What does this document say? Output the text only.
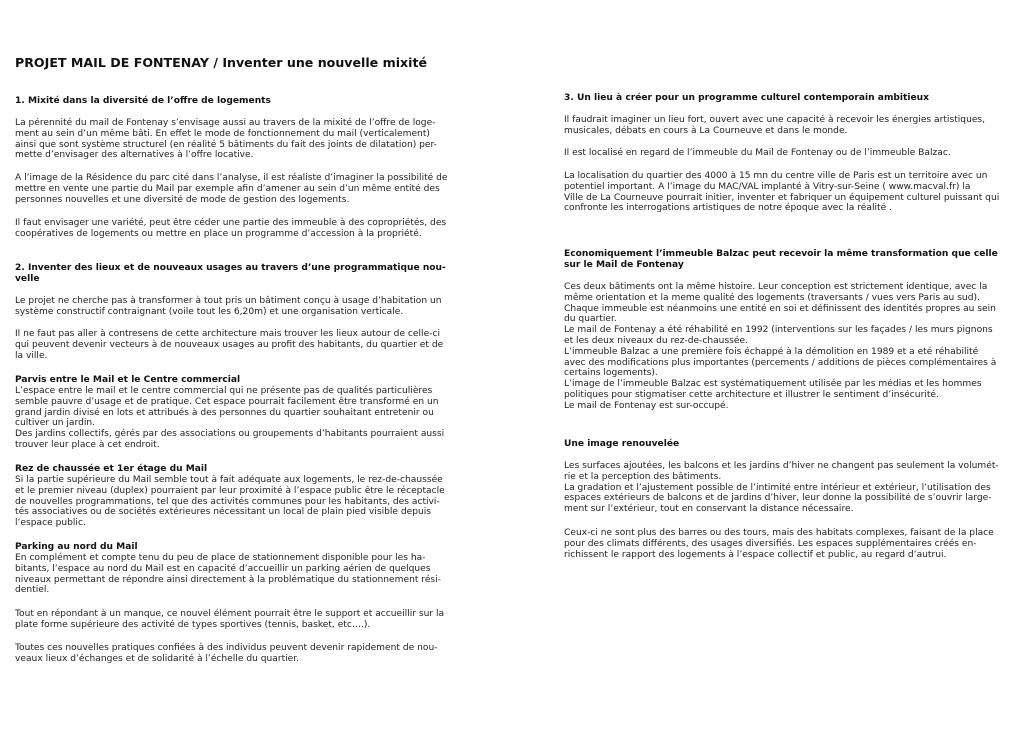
PROJET MAIL DE FONTENAY / Inventer une nouvelle mixité

1. Mixité dans la diversité de l’offre de logements

La pérennité du mail de Fontenay s’envisage aussi au travers de la mixité de l’offre de loge-
ment au sein d’un même bâti. En effet le mode de fonctionnement du mail (verticalement)
ainsi que sont système structurel (en réalité 5 bâtiments du fait des joints de dilatation) per-
mette d’envisager des alternatives à l’offre locative.

A l’image de la Résidence du parc cité dans l’analyse, il est réaliste d’imaginer la possibilité de
mettre en vente une partie du Mail par exemple afin d’amener au sein d’un même entité des
personnes nouvelles et une diversité de mode de gestion des logements.

Il faut envisager une variété, peut être céder une partie des immeuble à des copropriétés, des
coopératives de logements ou mettre en place un programme d’accession à la propriété.

2. Inventer des lieux et de nouveaux usages au travers d’une programmatique nou-
velle

Le projet ne cherche pas à transformer à tout pris un bâtiment conçu à usage d’habitation un
système constructif contraignant (voile tout les 6,20m) et une organisation verticale.

Il ne faut pas aller à contresens de cette architecture mais trouver les lieux autour de celle-ci
qui peuvent devenir vecteurs à de nouveaux usages au profit des habitants, du quartier et de
la ville.

Parvis entre le Mail et le Centre commercial

L’espace entre le mail et le centre commercial qui ne présente pas de qualités particulières
semble pauvre d’usage et de pratique. Cet espace pourrait facilement être transformé en un
grand jardin divisé en lots et attribués à des personnes du quartier souhaitant entretenir ou
cultiver un jardin.
Des jardins collectifs, gérés par des associations ou groupements d’habitants pourraient aussi
trouver leur place à cet endroit.

Rez de chaussée et 1er étage du Mail

Si la partie supérieure du Mail semble tout à fait adéquate aux logements, le rez-de-chaussée
et le premier niveau (duplex) pourraient par leur proximité à l’espace public être le réceptacle
de nouvelles programmations, tel que des activités communes pour les habitants, des activi-
tés associatives ou de sociétés extérieures nécessitant un local de plain pied visible depuis
l’espace public.

Parking au nord du Mail

En complément et compte tenu du peu de place de stationnement disponible pour les ha-
bitants, l’espace au nord du Mail est en capacité d’accueillir un parking aérien de quelques
niveaux permettant de répondre ainsi directement à la problématique du stationnement rési-
dentiel.

Tout en répondant à un manque, ce nouvel élément pourrait être le support et accueillir sur la
plate forme supérieure des activité de types sportives (tennis, basket, etc….).

Toutes ces nouvelles pratiques confiées à des individus peuvent devenir rapidement de nou-
veaux lieux d’échanges et de solidarité à l’échelle du quartier.

3. Un lieu à créer pour un programme culturel contemporain ambitieux

Il faudrait imaginer un lieu fort, ouvert avec une capacité à recevoir les énergies artistiques,
musicales, débats en cours à La Courneuve et dans le monde.

Il est localisé en regard de l’immeuble du Mail de Fontenay ou de l’immeuble Balzac.

La localisation du quartier des 4000 à 15 mn du centre ville de Paris est un territoire avec un
potentiel important. A l’image du MAC/VAL implanté à Vitry-sur-Seine ( www.macval.fr) la
Ville de La Courneuve pourrait initier, inventer et fabriquer un équipement culturel puissant qui
confronte les interrogations artistiques de notre époque avec la réalité .

Economiquement l’immeuble Balzac peut recevoir la même transformation que celle
sur le Mail de Fontenay

Ces deux bâtiments ont la même histoire. Leur conception est strictement identique, avec la
même orientation et la meme qualité des logements (traversants / vues vers Paris au sud).
Chaque immeuble est néanmoins une entité en soi et définissent des identités propres au sein
du quartier.
Le mail de Fontenay a été réhabilité en 1992 (interventions sur les façades / les murs pignons
et les deux niveaux du rez-de-chaussée.
L’immeuble Balzac a une première fois échappé à la démolition en 1989 et a eté réhabilité
avec des modifications plus importantes (percements / additions de pièces complémentaires à
certains logements).
L’image de l’immeuble Balzac est systématiquement utilisée par les médias et les hommes
politiques pour stigmatiser cette architecture et illustrer le sentiment d’insécurité.
Le mail de Fontenay est sur-occupé.

Une image renouvelée

Les surfaces ajoutées, les balcons et les jardins d’hiver ne changent pas seulement la volumét-
rie et la perception des bâtiments.
La gradation et l’ajustement possible de l’intimité entre intérieur et extérieur, l’utilisation des
espaces extérieurs de balcons et de jardins d’hiver, leur donne la possibilité de s’ouvrir large-
ment sur l’extérieur, tout en conservant la distance nécessaire.

Ceux-ci ne sont plus des barres ou des tours, mais des habitats complexes, faisant de la place
pour des climats différents, des usages diversifiés. Les espaces supplémentaires créés en-
richissent le rapport des logements à l’espace collectif et public, au regard d’autrui.
